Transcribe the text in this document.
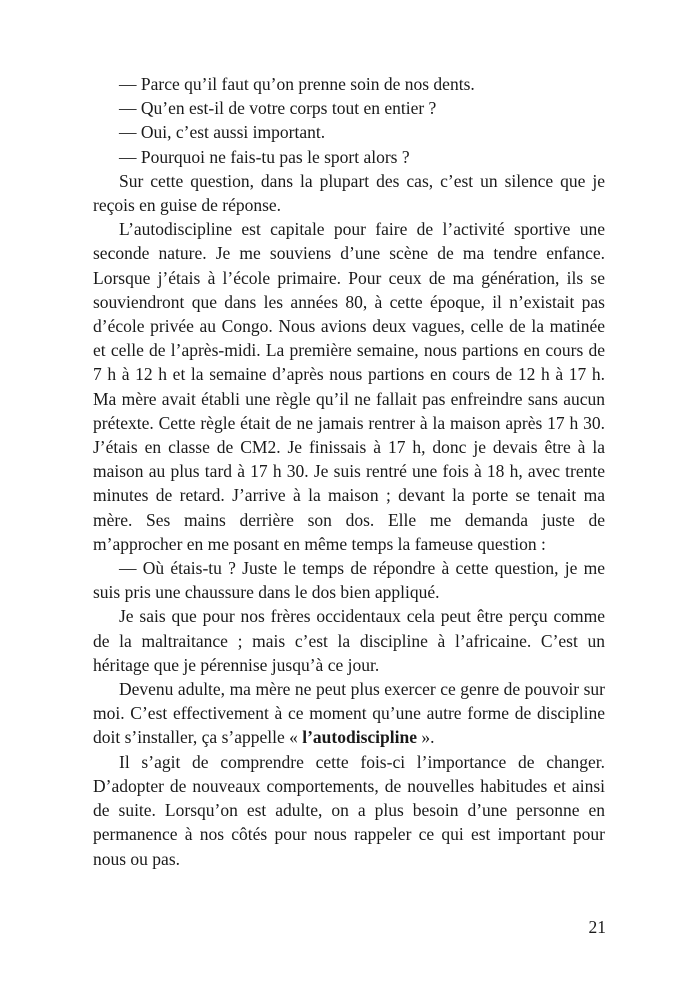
— Parce qu’il faut qu’on prenne soin de nos dents.

— Qu’en est-il de votre corps tout en entier ?

— Oui, c’est aussi important.

— Pourquoi ne fais-tu pas le sport alors ?

Sur cette question, dans la plupart des cas, c’est un silence que je reçois en guise de réponse.

L’autodiscipline est capitale pour faire de l’activité sportive une seconde nature. Je me souviens d’une scène de ma tendre enfance. Lorsque j’étais à l’école primaire. Pour ceux de ma génération, ils se souviendront que dans les années 80, à cette époque, il n’existait pas d’école privée au Congo. Nous avions deux vagues, celle de la matinée et celle de l’après-midi. La première semaine, nous partions en cours de 7 h à 12 h et la semaine d’après nous partions en cours de 12 h à 17 h. Ma mère avait établi une règle qu’il ne fallait pas enfreindre sans aucun prétexte. Cette règle était de ne jamais rentrer à la maison après 17 h 30. J’étais en classe de CM2. Je finissais à 17 h, donc je devais être à la maison au plus tard à 17 h 30. Je suis rentré une fois à 18 h, avec trente minutes de retard. J’arrive à la maison ; devant la porte se tenait ma mère. Ses mains derrière son dos. Elle me demanda juste de m’approcher en me posant en même temps la fameuse question :

— Où étais-tu ? Juste le temps de répondre à cette question, je me suis pris une chaussure dans le dos bien appliqué.

Je sais que pour nos frères occidentaux cela peut être perçu comme de la maltraitance ; mais c’est la discipline à l’africaine. C’est un héritage que je pérennise jusqu’à ce jour.

Devenu adulte, ma mère ne peut plus exercer ce genre de pouvoir sur moi. C’est effectivement à ce moment qu’une autre forme de discipline doit s’installer, ça s’appelle « l’autodiscipline ».

Il s’agit de comprendre cette fois-ci l’importance de changer. D’adopter de nouveaux comportements, de nouvelles habitudes et ainsi de suite. Lorsqu’on est adulte, on a plus besoin d’une personne en permanence à nos côtés pour nous rappeler ce qui est important pour nous ou pas.

21
